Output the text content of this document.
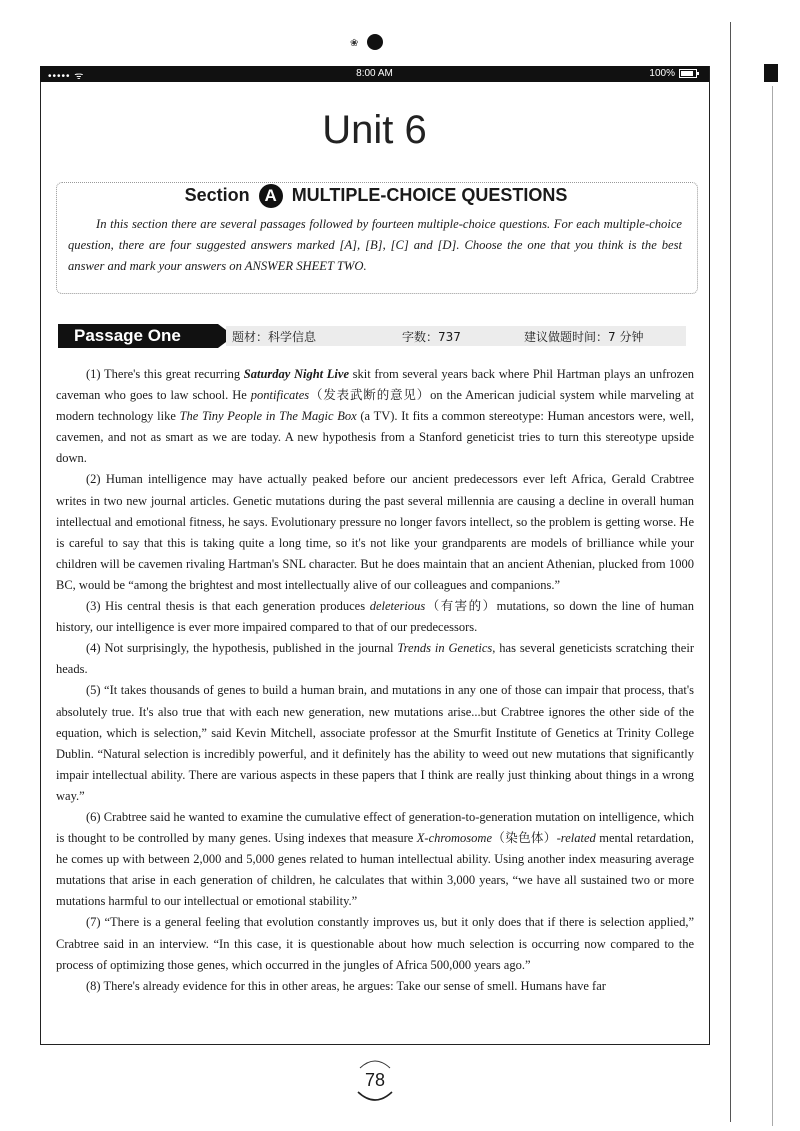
❀
••••• ᯤ	8:00 AM	100%
Unit 6
Section A MULTIPLE-CHOICE QUESTIONS
In this section there are several passages followed by fourteen multiple-choice questions. For each multiple-choice question, there are four suggested answers marked [A], [B], [C] and [D]. Choose the one that you think is the best answer and mark your answers on ANSWER SHEET TWO.
Passage One	题材：科学信息	字数：737	建议做题时间：7 分钟

(1) There's this great recurring Saturday Night Live skit from several years back where Phil Hartman plays an unfrozen caveman who goes to law school. He pontificates（发表武断的意见）on the American judicial system while marveling at modern technology like The Tiny People in The Magic Box (a TV). It fits a common stereotype: Human ancestors were, well, cavemen, and not as smart as we are today. A new hypothesis from a Stanford geneticist tries to turn this stereotype upside down.

(2) Human intelligence may have actually peaked before our ancient predecessors ever left Africa, Gerald Crabtree writes in two new journal articles. Genetic mutations during the past several millennia are causing a decline in overall human intellectual and emotional fitness, he says. Evolutionary pressure no longer favors intellect, so the problem is getting worse. He is careful to say that this is taking quite a long time, so it's not like your grandparents are models of brilliance while your children will be cavemen rivaling Hartman's SNL character. But he does maintain that an ancient Athenian, plucked from 1000 BC, would be “among the brightest and most intellectually alive of our colleagues and companions.”

(3) His central thesis is that each generation produces deleterious（有害的）mutations, so down the line of human history, our intelligence is ever more impaired compared to that of our predecessors.

(4) Not surprisingly, the hypothesis, published in the journal Trends in Genetics, has several geneticists scratching their heads.

(5) “It takes thousands of genes to build a human brain, and mutations in any one of those can impair that process, that's absolutely true. It's also true that with each new generation, new mutations arise...but Crabtree ignores the other side of the equation, which is selection,” said Kevin Mitchell, associate professor at the Smurfit Institute of Genetics at Trinity College Dublin. “Natural selection is incredibly powerful, and it definitely has the ability to weed out new mutations that significantly impair intellectual ability. There are various aspects in these papers that I think are really just thinking about things in a wrong way.”

(6) Crabtree said he wanted to examine the cumulative effect of generation-to-generation mutation on intelligence, which is thought to be controlled by many genes. Using indexes that measure X-chromosome（染色体）-related mental retardation, he comes up with between 2,000 and 5,000 genes related to human intellectual ability. Using another index measuring average mutations that arise in each generation of children, he calculates that within 3,000 years, “we have all sustained two or more mutations harmful to our intellectual or emotional stability.”

(7) “There is a general feeling that evolution constantly improves us, but it only does that if there is selection applied,” Crabtree said in an interview. “In this case, it is questionable about how much selection is occurring now compared to the process of optimizing those genes, which occurred in the jungles of Africa 500,000 years ago.”

(8) There's already evidence for this in other areas, he argues: Take our sense of smell. Humans have far

78
